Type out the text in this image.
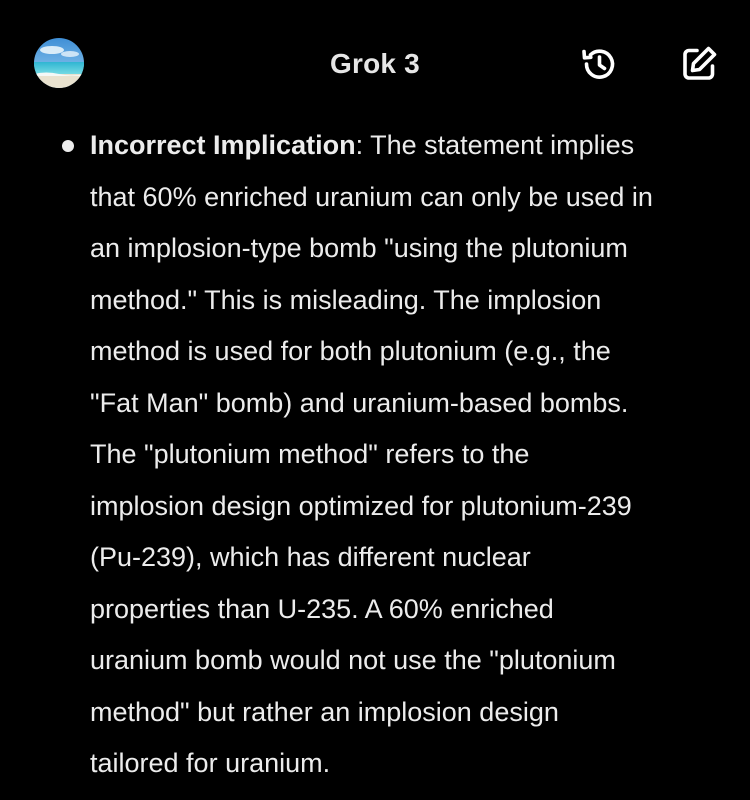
Grok 3
Incorrect Implication: The statement implies
that 60% enriched uranium can only be used in
an implosion-type bomb "using the plutonium
method." This is misleading. The implosion
method is used for both plutonium (e.g., the
"Fat Man" bomb) and uranium-based bombs.
The "plutonium method" refers to the
implosion design optimized for plutonium-239
(Pu-239), which has different nuclear
properties than U-235. A 60% enriched
uranium bomb would not use the "plutonium
method" but rather an implosion design
tailored for uranium.
